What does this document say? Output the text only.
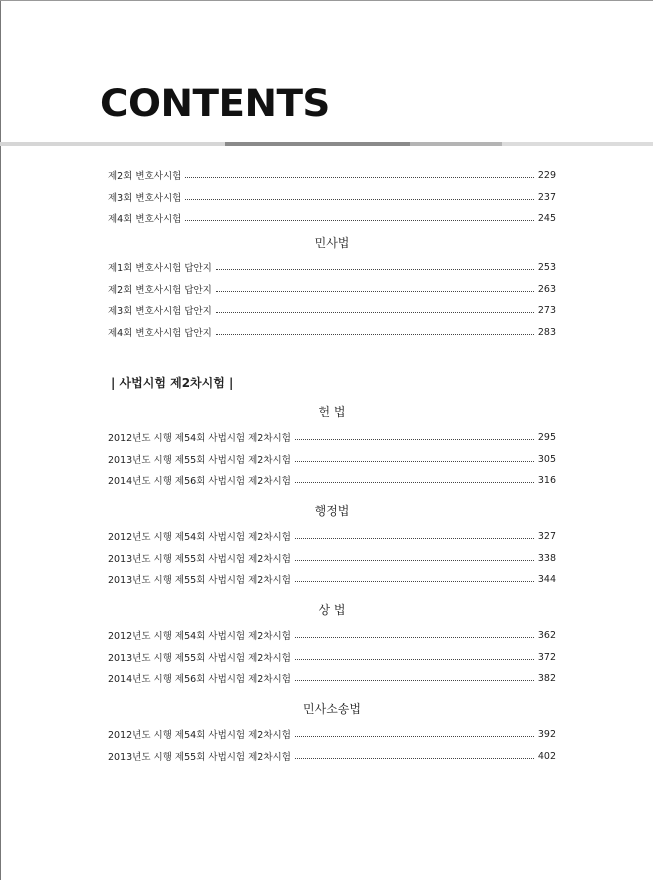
CONTENTS
제2회 변호사시험	229
제3회 변호사시험	237
제4회 변호사시험	245
민사법
제1회 변호사시험 답안지	253
제2회 변호사시험 답안지	263
제3회 변호사시험 답안지	273
제4회 변호사시험 답안지	283
| 사법시험 제2차시험 |
헌 법
2012년도 시행 제54회 사법시험 제2차시험	295
2013년도 시행 제55회 사법시험 제2차시험	305
2014년도 시행 제56회 사법시험 제2차시험	316
행정법
2012년도 시행 제54회 사법시험 제2차시험	327
2013년도 시행 제55회 사법시험 제2차시험	338
2013년도 시행 제55회 사법시험 제2차시험	344
상 법
2012년도 시행 제54회 사법시험 제2차시험	362
2013년도 시행 제55회 사법시험 제2차시험	372
2014년도 시행 제56회 사법시험 제2차시험	382
민사소송법
2012년도 시행 제54회 사법시험 제2차시험	392
2013년도 시행 제55회 사법시험 제2차시험	402
